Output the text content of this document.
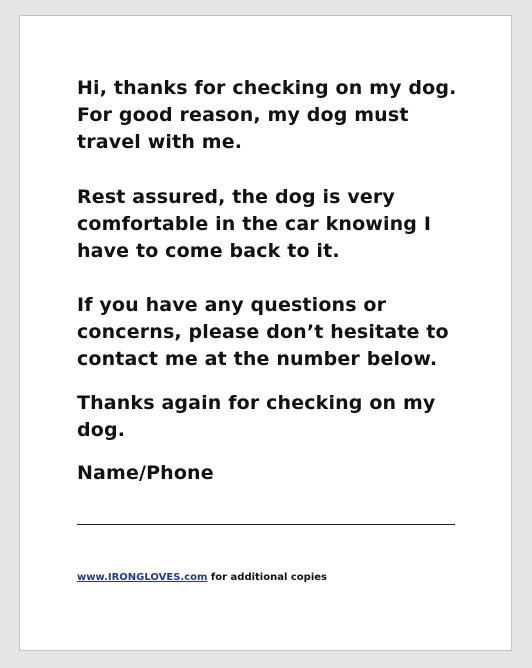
Hi, thanks for checking on my dog.
For good reason, my dog must
travel with me.

Rest assured, the dog is very
comfortable in the car knowing I
have to come back to it.

If you have any questions or
concerns, please don’t hesitate to
contact me at the number below.

Thanks again for checking on my
dog.

Name/Phone

www.IRONGLOVES.com for additional copies
